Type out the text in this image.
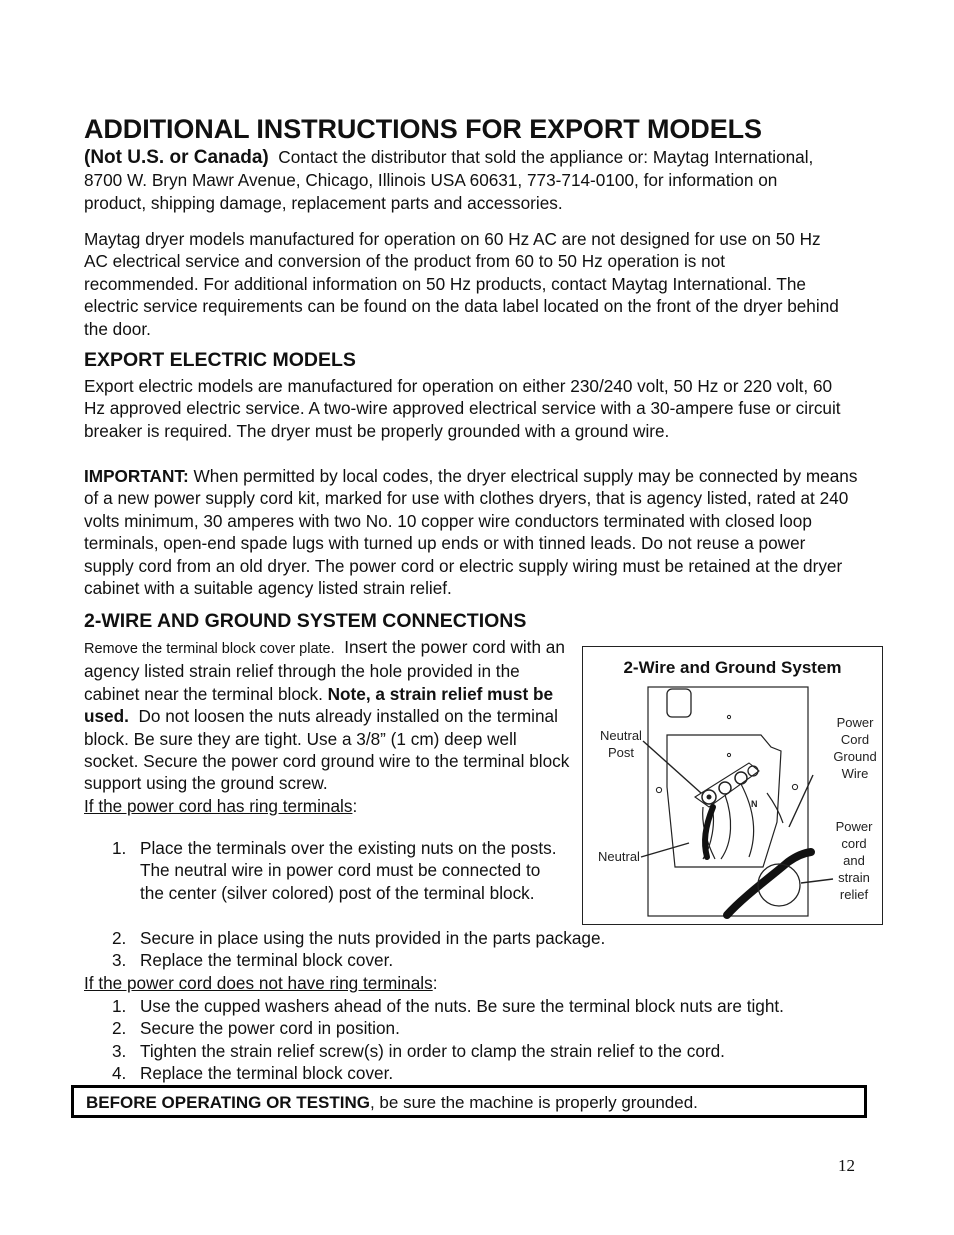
ADDITIONAL INSTRUCTIONS FOR EXPORT MODELS

(Not U.S. or Canada) Contact the distributor that sold the appliance or: Maytag International, 8700 W. Bryn Mawr Avenue, Chicago, Illinois USA 60631, 773-714-0100, for information on product, shipping damage, replacement parts and accessories.

Maytag dryer models manufactured for operation on 60 Hz AC are not designed for use on 50 Hz AC electrical service and conversion of the product from 60 to 50 Hz operation is not recommended. For additional information on 50 Hz products, contact Maytag International. The electric service requirements can be found on the data label located on the front of the dryer behind the door.

EXPORT ELECTRIC MODELS

Export electric models are manufactured for operation on either 230/240 volt, 50 Hz or 220 volt, 60 Hz approved electric service. A two-wire approved electrical service with a 30-ampere fuse or circuit breaker is required. The dryer must be properly grounded with a ground wire.

IMPORTANT: When permitted by local codes, the dryer electrical supply may be connected by means of a new power supply cord kit, marked for use with clothes dryers, that is agency listed, rated at 240 volts minimum, 30 amperes with two No. 10 copper wire conductors terminated with closed loop terminals, open-end spade lugs with turned up ends or with tinned leads. Do not reuse a power supply cord from an old dryer. The power cord or electric supply wiring must be retained at the dryer cabinet with a suitable agency listed strain relief.

2-WIRE AND GROUND SYSTEM CONNECTIONS

Remove the terminal block cover plate. Insert the power cord with an agency listed strain relief through the hole provided in the cabinet near the terminal block. Note, a strain relief must be used. Do not loosen the nuts already installed on the terminal block. Be sure they are tight. Use a 3/8” (1 cm) deep well socket. Secure the power cord ground wire to the terminal block support using the ground screw.
If the power cord has ring terminals:

1. Place the terminals over the existing nuts on the posts. The neutral wire in power cord must be connected to the center (silver colored) post of the terminal block.
2. Secure in place using the nuts provided in the parts package.
3. Replace the terminal block cover.

If the power cord does not have ring terminals:

1. Use the cupped washers ahead of the nuts. Be sure the terminal block nuts are tight.
2. Secure the power cord in position.
3. Tighten the strain relief screw(s) in order to clamp the strain relief to the cord.
4. Replace the terminal block cover.
2-Wire and Ground System
N
Neutral Post
Neutral
Power Cord Ground Wire
Power cord and strain relief

BEFORE OPERATING OR TESTING, be sure the machine is properly grounded.

12
